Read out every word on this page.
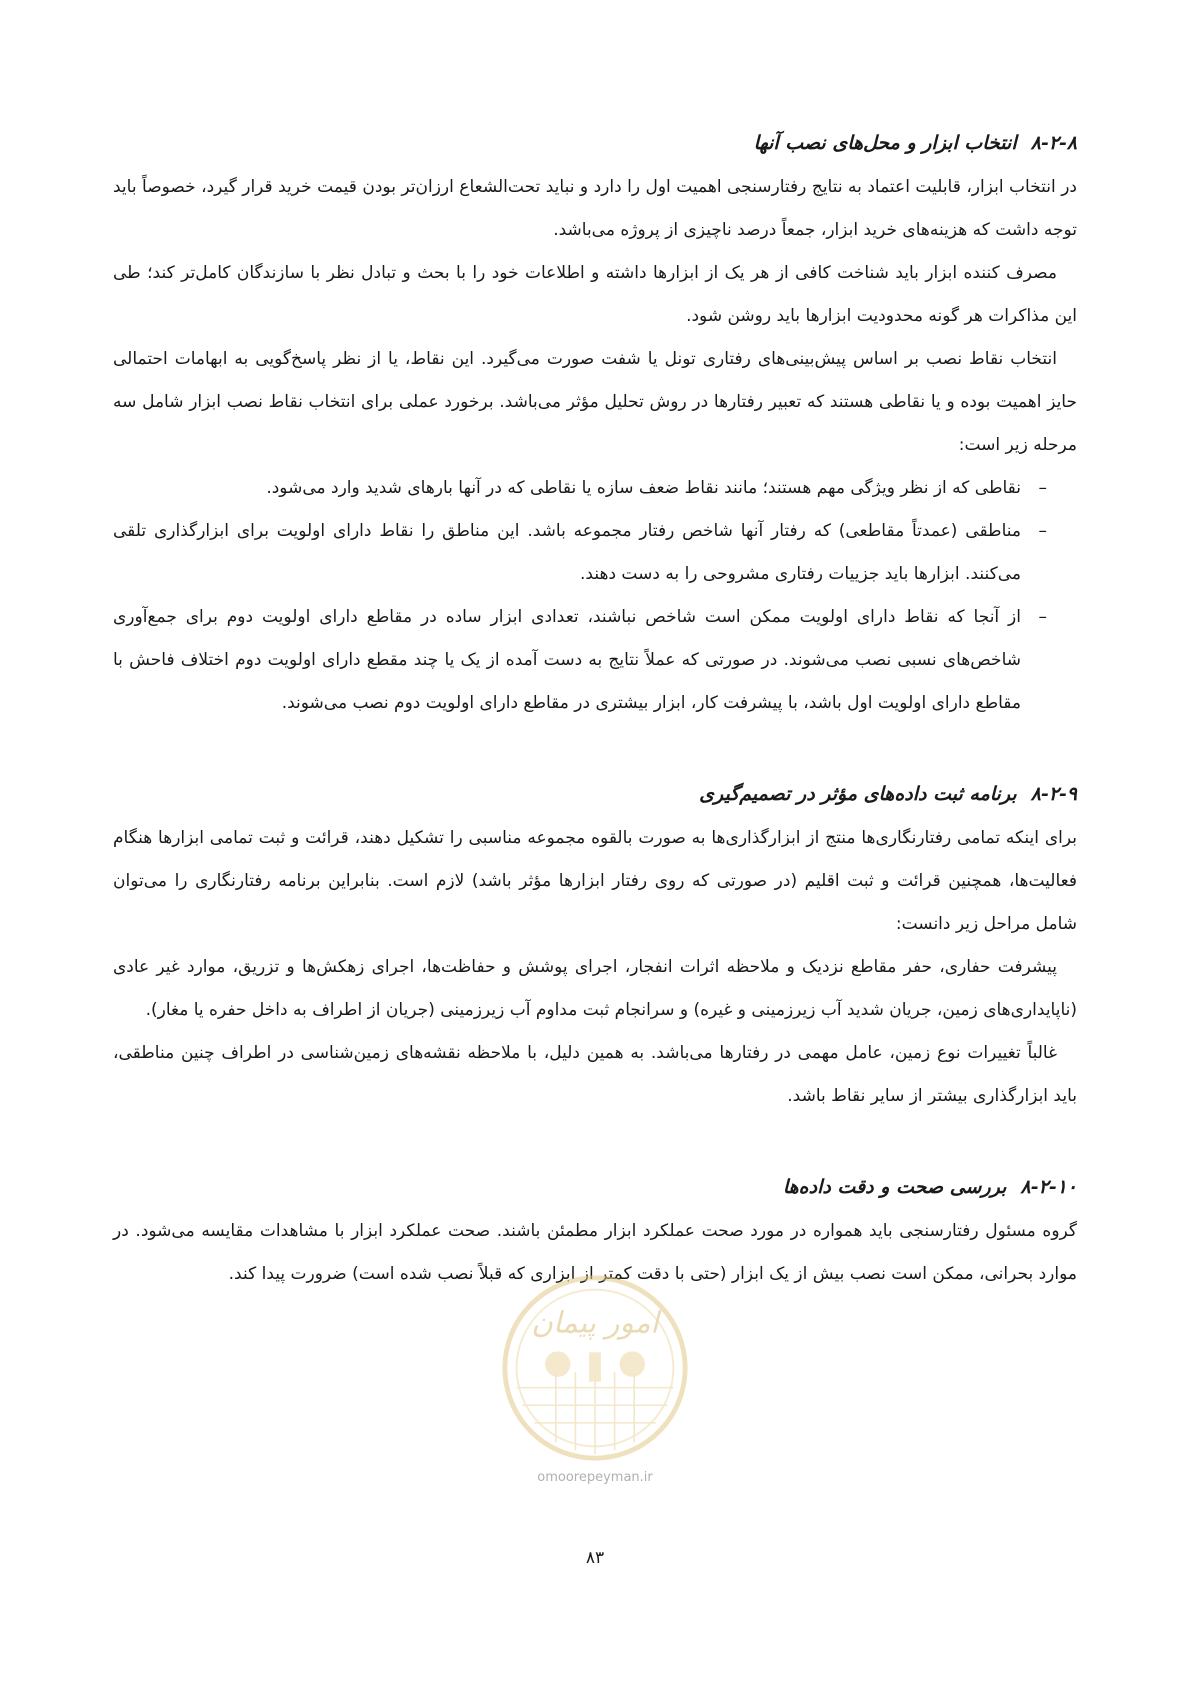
۸-۲-۸انتخاب ابزار و محل‌های نصب آنها

در انتخاب ابزار، قابلیت اعتماد به نتایج رفتارسنجی اهمیت اول را دارد و نباید تحت‌الشعاع ارزان‌تر بودن قیمت خرید قرار گیرد، خصوصاً باید توجه داشت که هزینه‌های خرید ابزار، جمعاً درصد ناچیزی از پروژه می‌باشد.

مصرف کننده ابزار باید شناخت کافی از هر یک از ابزارها داشته و اطلاعات خود را با بحث و تبادل نظر با سازندگان کامل‌تر کند؛ طی این مذاکرات هر گونه محدودیت ابزارها باید روشن شود.

انتخاب نقاط نصب بر اساس پیش‌بینی‌های رفتاری تونل یا شفت صورت می‌گیرد. این نقاط، یا از نظر پاسخ‌گویی به ابهامات احتمالی حایز اهمیت بوده و یا نقاطی هستند که تعبیر رفتارها در روش تحلیل مؤثر می‌باشد. برخورد عملی برای انتخاب نقاط نصب ابزار شامل سه مرحله زیر است:

–
نقاطی که از نظر ویژگی مهم هستند؛ مانند نقاط ضعف سازه یا نقاطی که در آنها بارهای شدید وارد می‌شود.
–
مناطقی (عمدتاً مقاطعی) که رفتار آنها شاخص رفتار مجموعه باشد. این مناطق را نقاط دارای اولویت برای ابزارگذاری تلقی می‌کنند. ابزارها باید جزییات رفتاری مشروحی را به دست دهند.
–
از آنجا که نقاط دارای اولویت ممکن است شاخص نباشند، تعدادی ابزار ساده در مقاطع دارای اولویت دوم برای جمع‌آوری شاخص‌های نسبی نصب می‌شوند. در صورتی که عملاً نتایج به دست آمده از یک یا چند مقطع دارای اولویت دوم اختلاف فاحش با مقاطع دارای اولویت اول باشد، با پیشرفت کار، ابزار بیشتری در مقاطع دارای اولویت دوم نصب می‌شوند.
۸-۲-۹برنامه ثبت داده‌های مؤثر در تصمیم‌گیری

برای اینکه تمامی رفتارنگاری‌ها منتج از ابزارگذاری‌ها به صورت بالقوه مجموعه مناسبی را تشکیل دهند، قرائت و ثبت تمامی ابزارها هنگام فعالیت‌ها، همچنین قرائت و ثبت اقلیم (در صورتی که روی رفتار ابزارها مؤثر باشد) لازم است. بنابراین برنامه رفتارنگاری را می‌توان شامل مراحل زیر دانست:

پیشرفت حفاری، حفر مقاطع نزدیک و ملاحظه اثرات انفجار، اجرای پوشش و حفاظت‌ها، اجرای زهکش‌ها و تزریق، موارد غیر عادی (ناپایداری‌های زمین، جریان شدید آب زیرزمینی و غیره) و سرانجام ثبت مداوم آب زیرزمینی (جریان از اطراف به داخل حفره یا مغار).

غالباً تغییرات نوع زمین، عامل مهمی در رفتارها می‌باشد. به همین دلیل، با ملاحظه نقشه‌های زمین‌شناسی در اطراف چنین مناطقی، باید ابزارگذاری بیشتر از سایر نقاط باشد.

۸-۲-۱۰بررسی صحت و دقت داده‌ها

گروه مسئول رفتارسنجی باید همواره در مورد صحت عملکرد ابزار مطمئن باشند. صحت عملکرد ابزار با مشاهدات مقایسه می‌شود. در موارد بحرانی، ممکن است نصب بیش از یک ابزار (حتی با دقت کمتر از ابزاری که قبلاً نصب شده است) ضرورت پیدا کند.

امور پیمان
omoorepeyman.ir
۸۳
